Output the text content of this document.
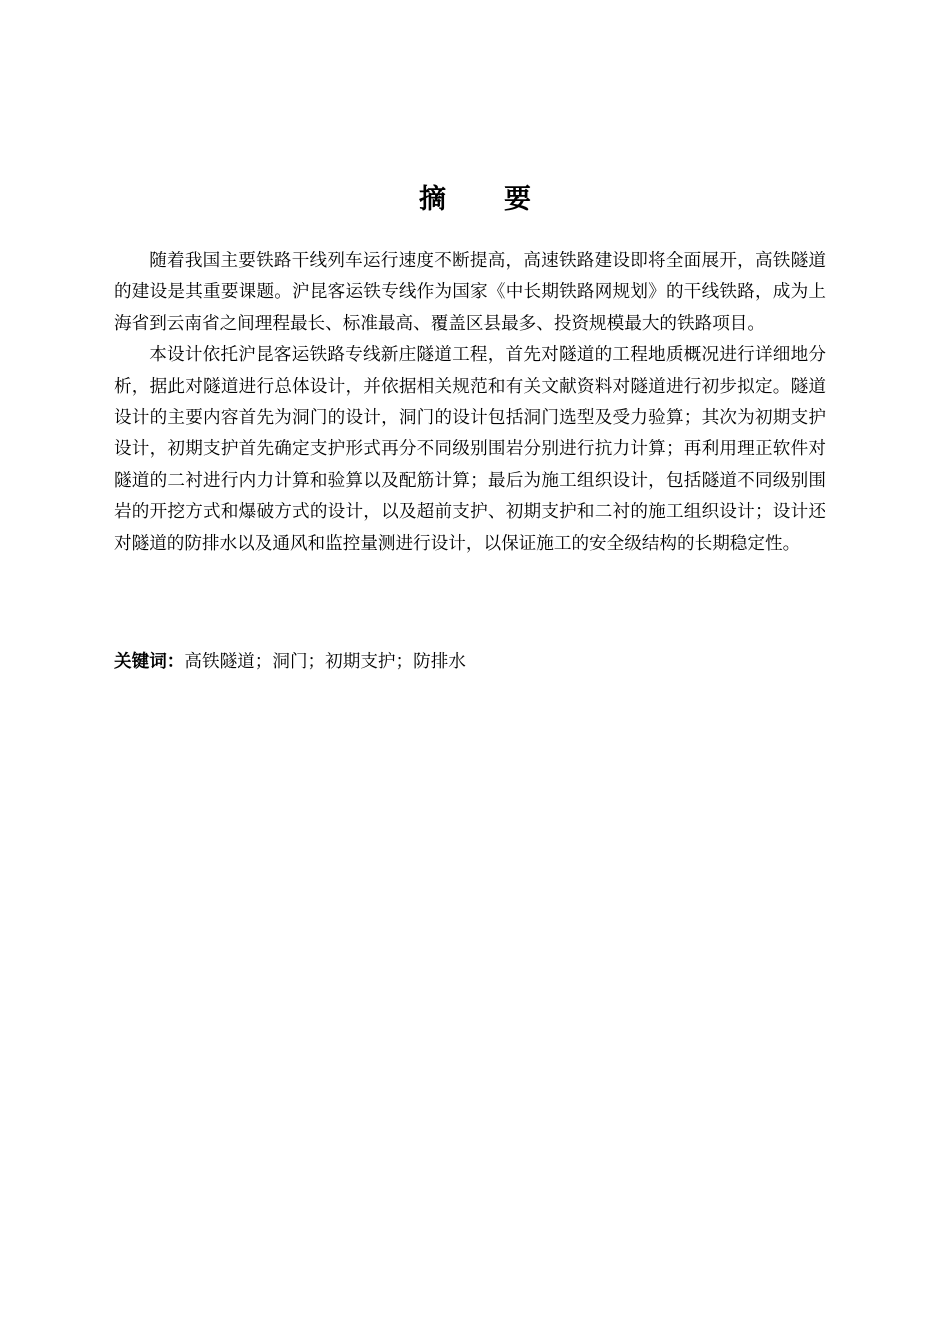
摘要

随着我国主要铁路干线列车运行速度不断提高，高速铁路建设即将全面展开，高铁隧道的建设是其重要课题。沪昆客运铁专线作为国家《中长期铁路网规划》的干线铁路，成为上海省到云南省之间理程最长、标准最高、覆盖区县最多、投资规模最大的铁路项目。

本设计依托沪昆客运铁路专线新庄隧道工程，首先对隧道的工程地质概况进行详细地分析，据此对隧道进行总体设计，并依据相关规范和有关文献资料对隧道进行初步拟定。隧道设计的主要内容首先为洞门的设计，洞门的设计包括洞门选型及受力验算；其次为初期支护设计，初期支护首先确定支护形式再分不同级别围岩分别进行抗力计算；再利用理正软件对隧道的二衬进行内力计算和验算以及配筋计算；最后为施工组织设计，包括隧道不同级别围岩的开挖方式和爆破方式的设计，以及超前支护、初期支护和二衬的施工组织设计；设计还对隧道的防排水以及通风和监控量测进行设计，以保证施工的安全级结构的长期稳定性。

关键词：高铁隧道；洞门；初期支护；防排水
